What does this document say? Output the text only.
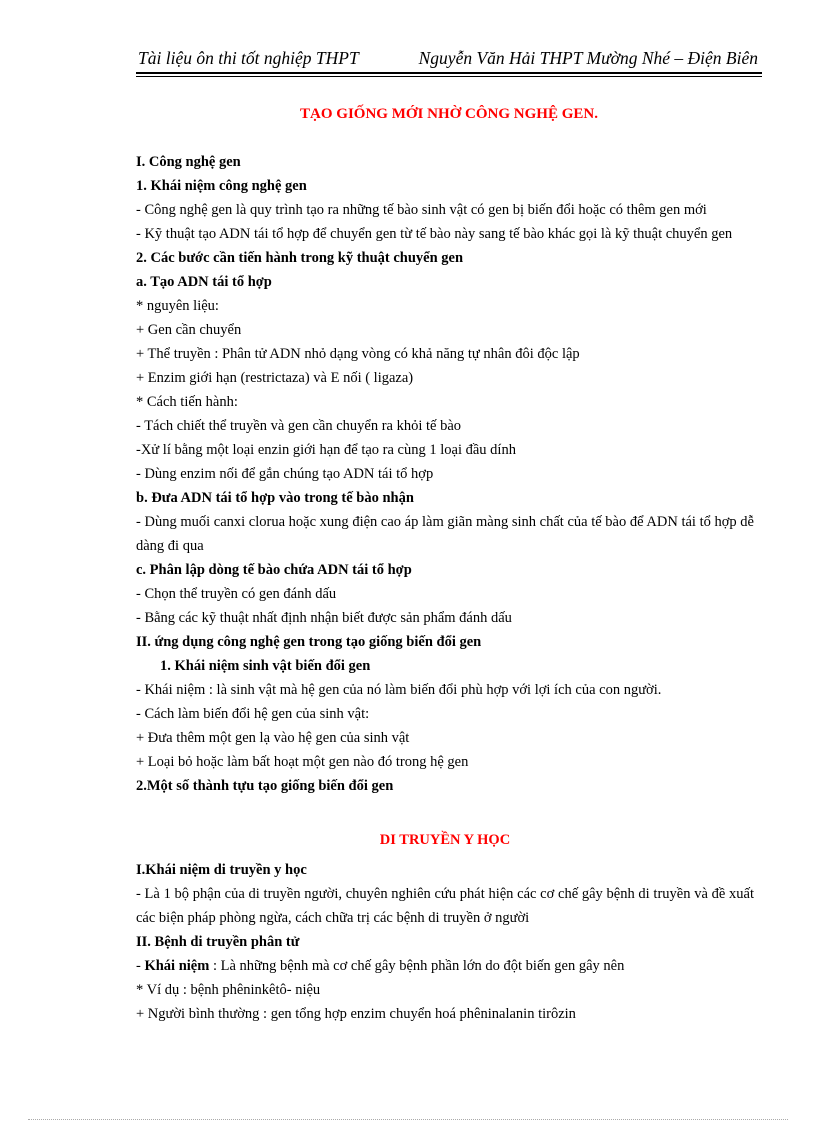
Tài liệu ôn thi tốt nghiệp THPT	Nguyễn Văn Hải THPT Mường Nhé – Điện Biên
TẠO GIỐNG MỚI NHỜ CÔNG NGHỆ GEN.

I. Công nghệ gen

1. Khái niệm công nghệ gen

- Công nghệ gen là quy trình tạo ra những tế bào sinh vật có gen bị biến đổi hoặc có thêm gen mới

- Kỹ thuật tạo ADN tái tổ hợp để chuyển gen từ tế bào này sang tế bào khác gọi là kỹ thuật chuyển gen

2. Các bước cần tiến hành trong kỹ thuật chuyển gen

a. Tạo ADN tái tổ hợp

* nguyên liệu:

+ Gen cần chuyển

+ Thể truyền : Phân tử ADN nhỏ dạng vòng có khả năng tự nhân đôi độc lập

+ Enzim giới hạn (restrictaza) và E nối ( ligaza)

* Cách tiến hành:

- Tách chiết thể truyền và gen cần chuyển ra khỏi tế bào

-Xử lí bằng một loại enzin giới hạn để tạo ra cùng 1 loại đầu dính

- Dùng enzim nối để gắn chúng tạo ADN tái tổ hợp

b. Đưa ADN tái tổ hợp vào trong tế bào nhận

- Dùng muối canxi clorua hoặc xung điện cao áp làm giãn màng sinh chất của tế bào để ADN tái tổ hợp dễ dàng đi qua

c. Phân lập dòng tế bào chứa ADN tái tổ hợp

- Chọn thể truyền có gen đánh dấu

- Bằng các kỹ thuật nhất định nhận biết được sản phẩm đánh dấu

II. ứng dụng công nghệ gen trong tạo giống biến đổi gen

1. Khái niệm sinh vật biến đổi gen

- Khái niệm : là sinh vật mà hệ gen của nó làm biến đổi phù hợp với lợi ích của con người.

- Cách làm biến đổi hệ gen của sinh vật:

+ Đưa thêm một gen lạ vào hệ gen của sinh vật

+ Loại bỏ hoặc làm bất hoạt một gen nào đó trong hệ gen

2.Một số thành tựu tạo giống biến đổi gen

DI TRUYỀN Y HỌC

I.Khái niệm di truyền y học

- Là 1 bộ phận của di truyền người, chuyên nghiên cứu phát hiện các cơ chế gây bệnh di truyền và đề xuất các biện pháp phòng ngừa, cách chữa trị các bệnh di truyền ở người

II. Bệnh di truyền phân tử

- Khái niệm : Là những bệnh mà cơ chế gây bệnh phần lớn do đột biến gen gây nên

* Ví dụ : bệnh phêninkêtô- niệu

+ Người bình thường : gen tổng hợp enzim chuyển hoá phêninalanin tirôzin
